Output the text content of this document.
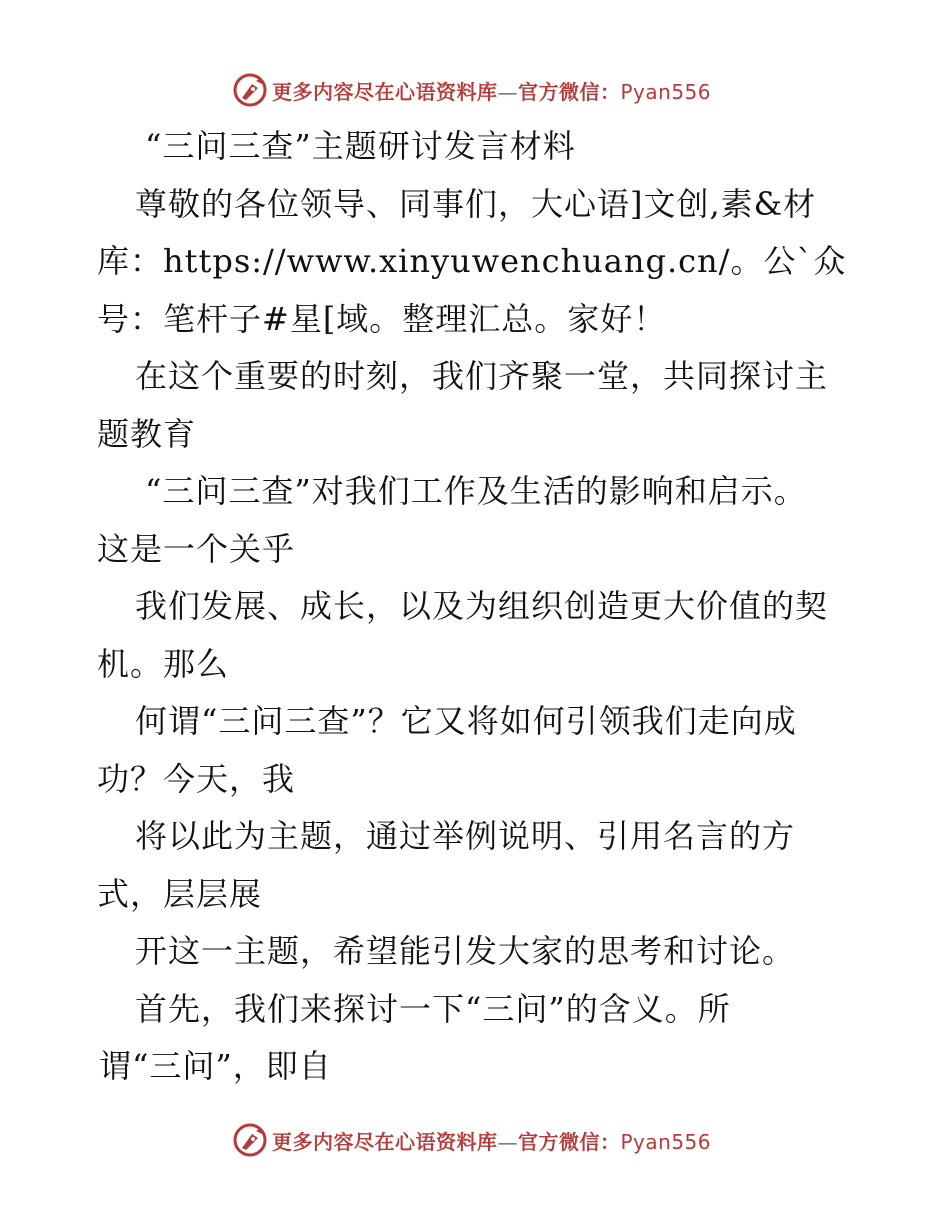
更多内容尽在心语资料库—官方微信：Pyan556
“三问三查”主题研讨发言材料
尊敬的各位领导、同事们，大心语]文创,素&材
库：https://www.xinyuwenchuang.cn/。公`众
号：笔杆子#星[域。整理汇总。家好！
在这个重要的时刻，我们齐聚一堂，共同探讨主
题教育
“三问三查”对我们工作及生活的影响和启示。
这是一个关乎
我们发展、成长，以及为组织创造更大价值的契
机。那么
何谓“三问三查”？它又将如何引领我们走向成
功？今天，我
将以此为主题，通过举例说明、引用名言的方
式，层层展
开这一主题，希望能引发大家的思考和讨论。
首先，我们来探讨一下“三问”的含义。所
谓“三问”，即自
更多内容尽在心语资料库—官方微信：Pyan556
